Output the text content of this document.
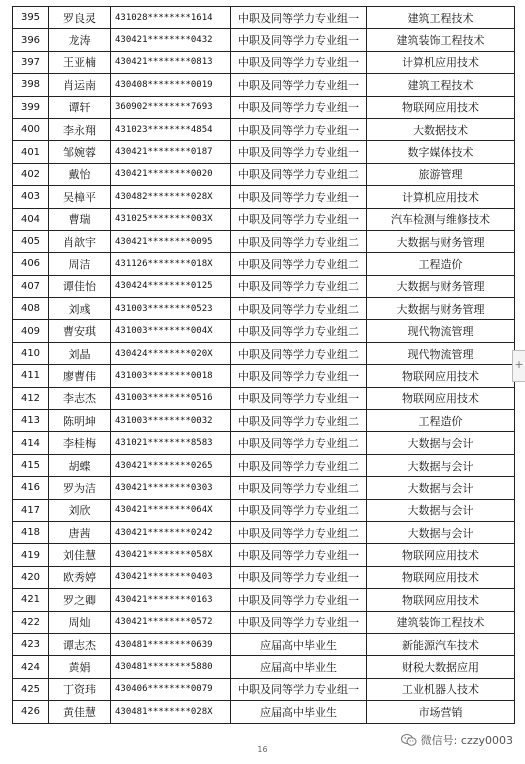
395	罗良灵	431028********1614	中职及同等学力专业组一	建筑工程技术
396	龙涛	430421********0432	中职及同等学力专业组一	建筑装饰工程技术
397	王亚楠	430421********0813	中职及同等学力专业组一	计算机应用技术
398	肖运南	430408********0019	中职及同等学力专业组一	建筑工程技术
399	谭轩	360902********7693	中职及同等学力专业组一	物联网应用技术
400	李永翔	431023********4854	中职及同等学力专业组一	大数据技术
401	邹婉蓉	430421********0187	中职及同等学力专业组一	数字媒体技术
402	戴怡	430421********0020	中职及同等学力专业组二	旅游管理
403	吴樟平	430482********028X	中职及同等学力专业组一	计算机应用技术
404	曹瑞	431025********003X	中职及同等学力专业组一	汽车检测与维修技术
405	肖歆宇	430421********0095	中职及同等学力专业组二	大数据与财务管理
406	周洁	431126********018X	中职及同等学力专业组二	工程造价
407	谭佳怡	430424********0125	中职及同等学力专业组二	大数据与财务管理
408	刘彧	431003********0523	中职及同等学力专业组二	大数据与财务管理
409	曹安琪	431003********004X	中职及同等学力专业组二	现代物流管理
410	刘晶	430424********020X	中职及同等学力专业组二	现代物流管理
411	廖曹伟	431003********0018	中职及同等学力专业组一	物联网应用技术
412	李志杰	431003********0516	中职及同等学力专业组一	物联网应用技术
413	陈明坤	431003********0032	中职及同等学力专业组二	工程造价
414	李桂梅	431021********8583	中职及同等学力专业组二	大数据与会计
415	胡蝶	430421********0265	中职及同等学力专业组二	大数据与会计
416	罗为洁	430421********0303	中职及同等学力专业组二	大数据与会计
417	刘欣	430421********064X	中职及同等学力专业组二	大数据与会计
418	唐茜	430421********0242	中职及同等学力专业组二	大数据与会计
419	刘佳慧	430421********058X	中职及同等学力专业组一	物联网应用技术
420	欧秀婷	430421********0403	中职及同等学力专业组一	物联网应用技术
421	罗之卿	430421********0163	中职及同等学力专业组一	物联网应用技术
422	周灿	430421********0572	中职及同等学力专业组一	建筑装饰工程技术
423	谭志杰	430481********0639	应届高中毕业生	新能源汽车技术
424	黄娟	430481********5880	应届高中毕业生	财税大数据应用
425	丁资玮	430406********0079	中职及同等学力专业组一	工业机器人技术
426	黄佳慧	430481********028X	应届高中毕业生	市场营销
16
微信号: czzy0003
+
